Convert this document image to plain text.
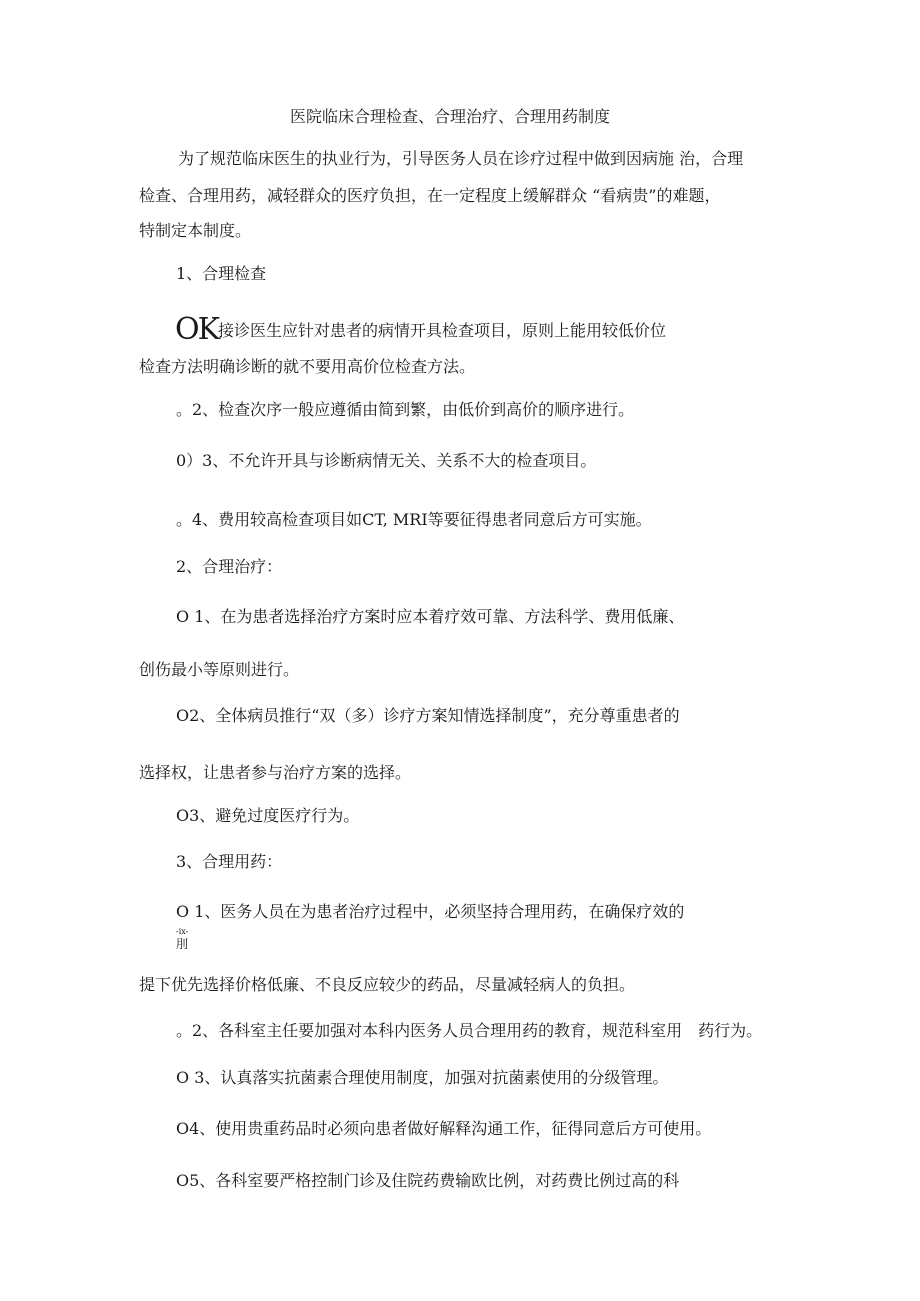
医院临床合理检查、合理治疗、合理用药制度
为了规范临床医生的执业行为，引导医务人员在诊疗过程中做到因病施 治，合理
检查、合理用药，减轻群众的医疗负担，在一定程度上缓解群众 “看病贵”的难题，
特制定本制度。
1、合理检查
OK接诊医生应针对患者的病情开具检查项目，原则上能用较低价位
检查方法明确诊断的就不要用高价位检查方法。
。2、检查次序一般应遵循由简到繁，由低价到高价的顺序进行。
0）3、不允许开具与诊断病情无关、关系不大的检查项目。
。4、费用较高检查项目如CT, MRI等要征得患者同意后方可实施。
2、合理治疗：
O 1、在为患者选择治疗方案时应本着疗效可靠、方法科学、费用低廉、
创伤最小等原则进行。
O2、全体病员推行“双（多）诊疗方案知情选择制度”，充分尊重患者的
选择权，让患者参与治疗方案的选择。
O3、避免过度医疗行为。
3、合理用药：
O 1、医务人员在为患者治疗过程中，必须坚持合理用药，在确保疗效的
-ix-
刖
提下优先选择价格低廉、不良反应较少的药品，尽量减轻病人的负担。
。2、各科室主任要加强对本科内医务人员合理用药的教育，规范科室用　药行为。
O 3、认真落实抗菌素合理使用制度，加强对抗菌素使用的分级管理。
O4、使用贵重药品时必须向患者做好解释沟通工作，征得同意后方可使用。
O5、各科室要严格控制门诊及住院药费输欧比例，对药费比例过高的科
